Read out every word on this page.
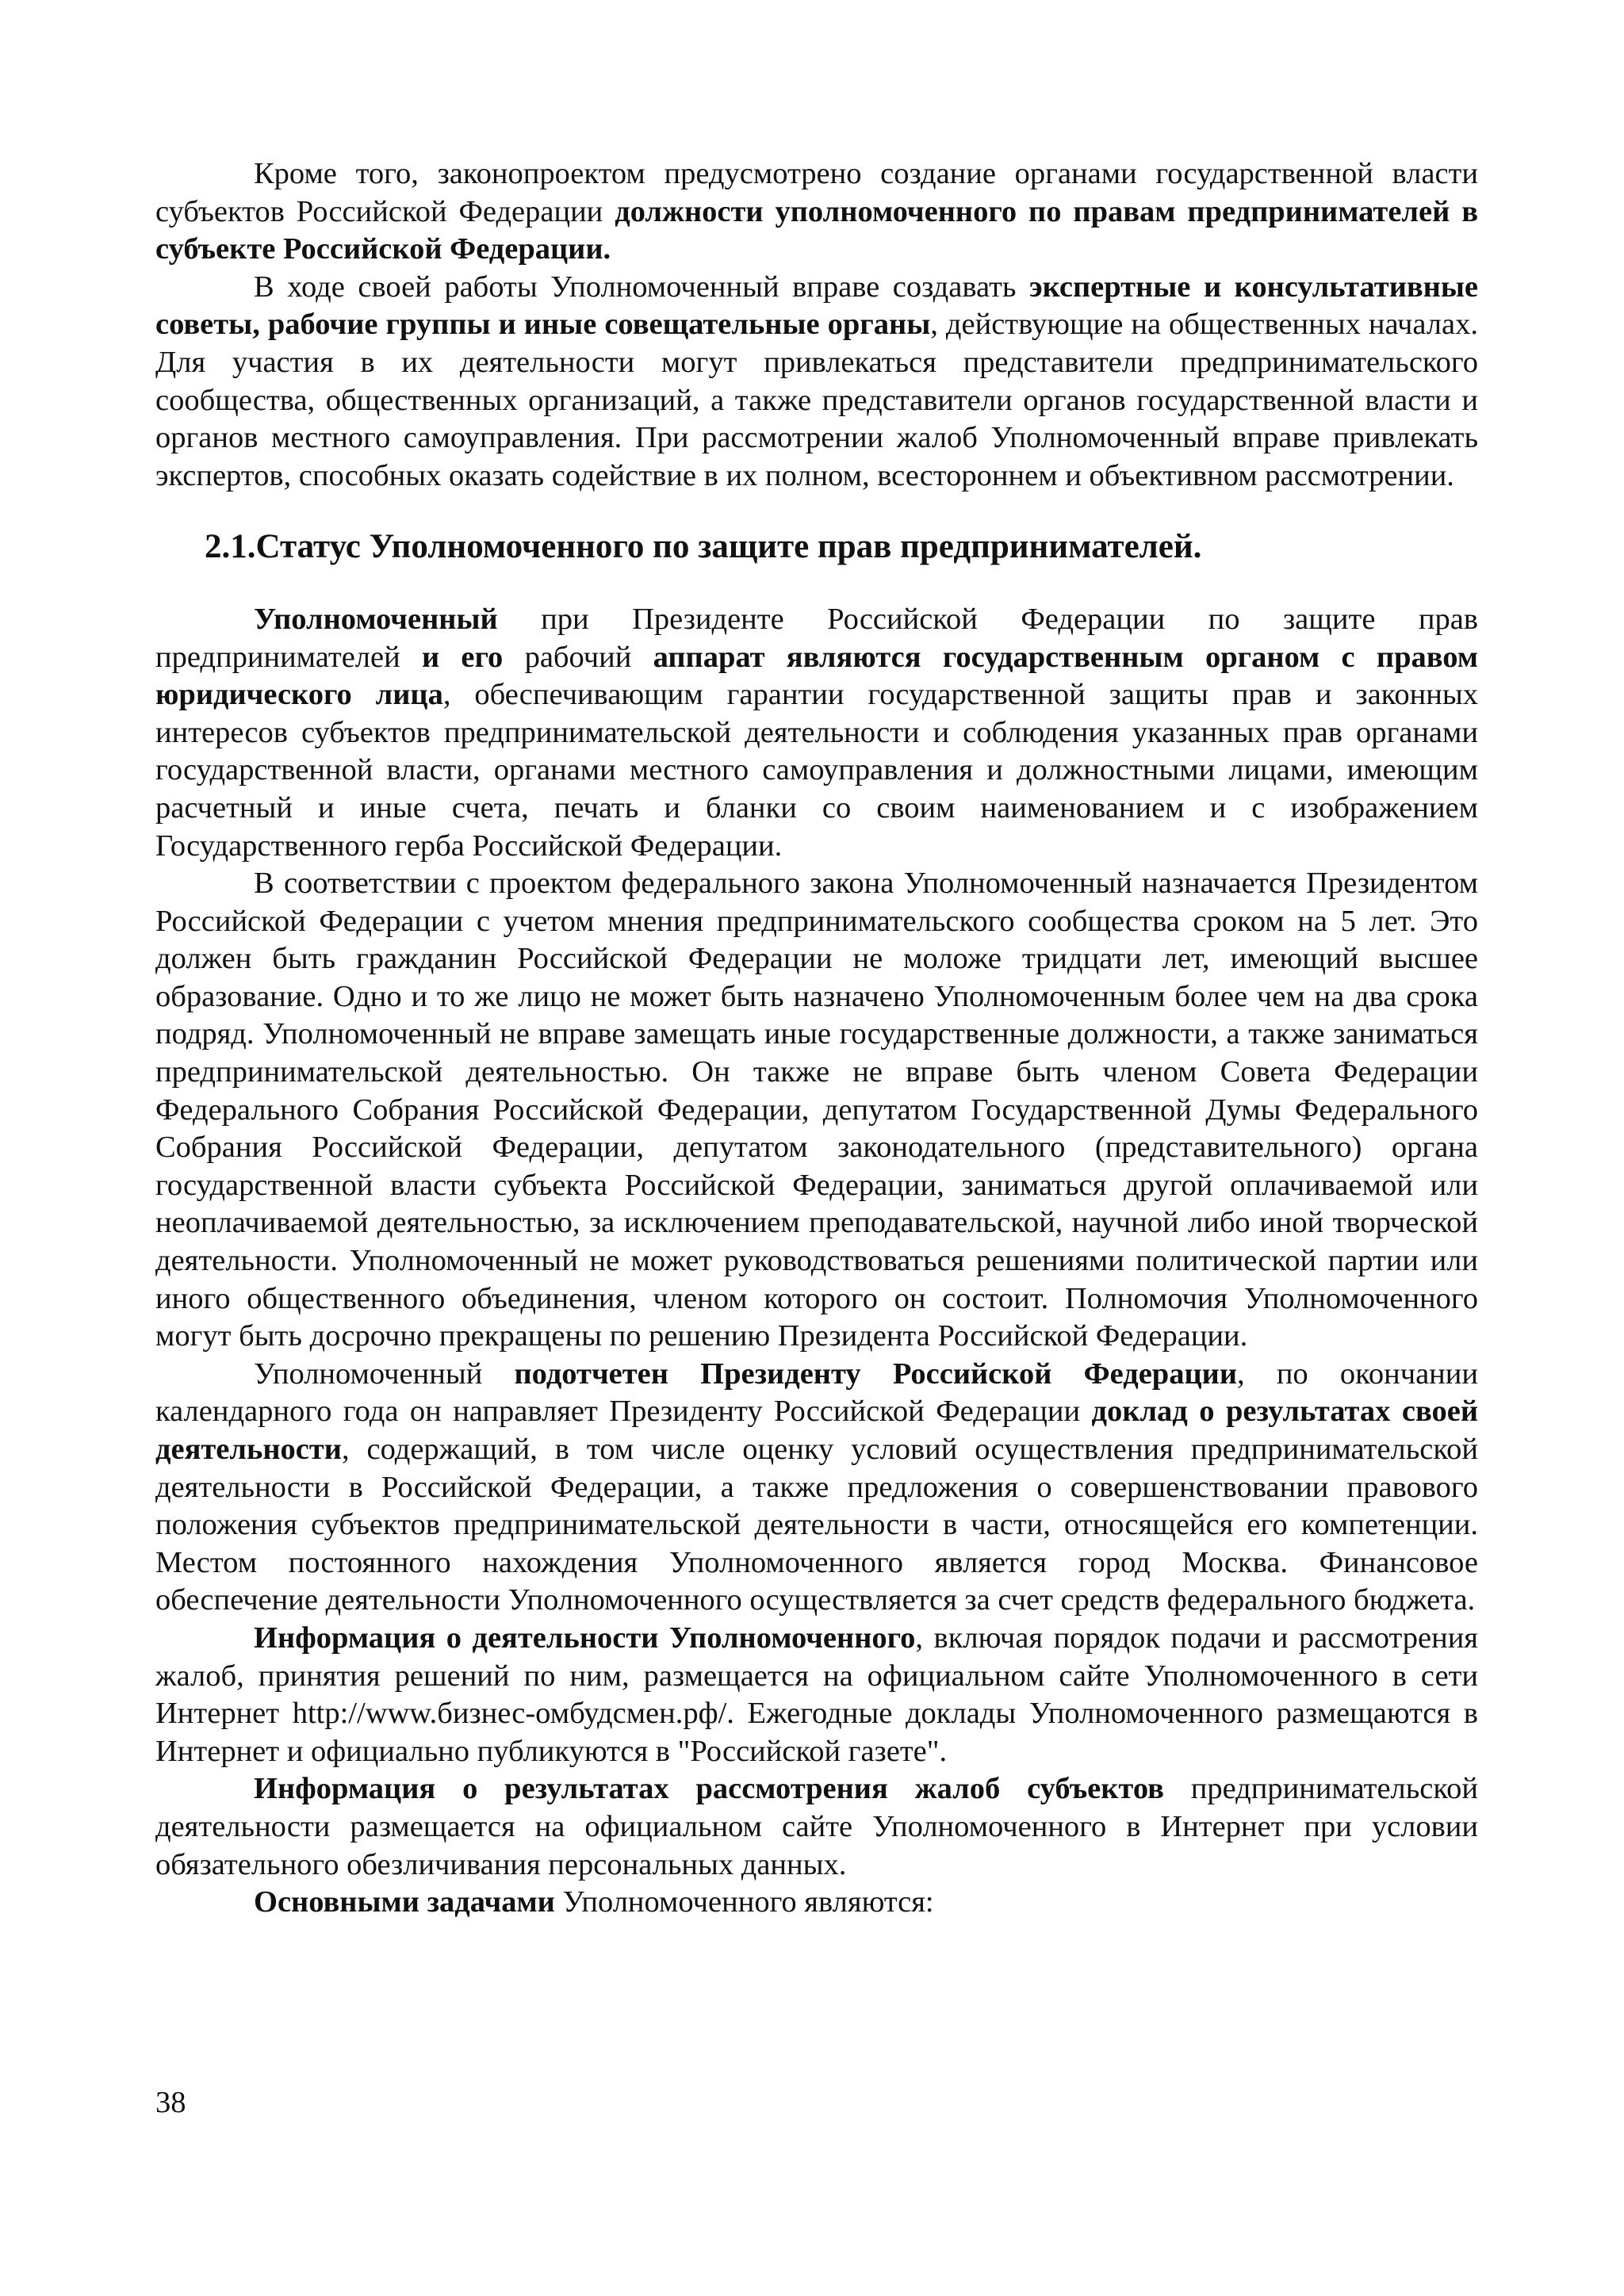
Кроме того, законопроектом предусмотрено создание органами государственной власти субъектов Российской Федерации должности уполномоченного по правам предпринимателей в субъекте Российской Федерации.

В ходе своей работы Уполномоченный вправе создавать экспертные и консультативные советы, рабочие группы и иные совещательные органы, действующие на общественных началах. Для участия в их деятельности могут привлекаться представители предпринимательского сообщества, общественных организаций, а также представители органов государственной власти и органов местного самоуправления. При рассмотрении жалоб Уполномоченный вправе привлекать экспертов, способных оказать содействие в их полном, всестороннем и объективном рассмотрении.

2.1.Статус Уполномоченного по защите прав предпринимателей.

Уполномоченный при Президенте Российской Федерации по защите прав предпринимателей и его рабочий аппарат являются государственным органом с правом юридического лица, обеспечивающим гарантии государственной защиты прав и законных интересов субъектов предпринимательской деятельности и соблюдения указанных прав органами государственной власти, органами местного самоуправления и должностными лицами, имеющим расчетный и иные счета, печать и бланки со своим наименованием и с изображением Государственного герба Российской Федерации.

В соответствии с проектом федерального закона Уполномоченный назначается Президентом Российской Федерации с учетом мнения предпринимательского сообщества сроком на 5 лет. Это должен быть гражданин Российской Федерации не моложе тридцати лет, имеющий высшее образование. Одно и то же лицо не может быть назначено Уполномоченным более чем на два срока подряд. Уполномоченный не вправе замещать иные государственные должности, а также заниматься предпринимательской деятельностью. Он также не вправе быть членом Совета Федерации Федерального Собрания Российской Федерации, депутатом Государственной Думы Федерального Собрания Российской Федерации, депутатом законодательного (представительного) органа государственной власти субъекта Российской Федерации, заниматься другой оплачиваемой или неоплачиваемой деятельностью, за исключением преподавательской, научной либо иной творческой деятельности. Уполномоченный не может руководствоваться решениями политической партии или иного общественного объединения, членом которого он состоит. Полномочия Уполномоченного могут быть досрочно прекращены по решению Президента Российской Федерации.

Уполномоченный подотчетен Президенту Российской Федерации, по окончании календарного года он направляет Президенту Российской Федерации доклад о результатах своей деятельности, содержащий, в том числе оценку условий осуществления предпринимательской деятельности в Российской Федерации, а также предложения о совершенствовании правового положения субъектов предпринимательской деятельности в части, относящейся его компетенции. Местом постоянного нахождения Уполномоченного является город Москва. Финансовое обеспечение деятельности Уполномоченного осуществляется за счет средств федерального бюджета.

Информация о деятельности Уполномоченного, включая порядок подачи и рассмотрения жалоб, принятия решений по ним, размещается на официальном сайте Уполномоченного в сети Интернет http://www.бизнес-омбудсмен.рф/. Ежегодные доклады Уполномоченного размещаются в Интернет и официально публикуются в "Российской газете".

Информация о результатах рассмотрения жалоб субъектов предпринимательской деятельности размещается на официальном сайте Уполномоченного в Интернет при условии обязательного обезличивания персональных данных.

Основными задачами Уполномоченного являются:

38
